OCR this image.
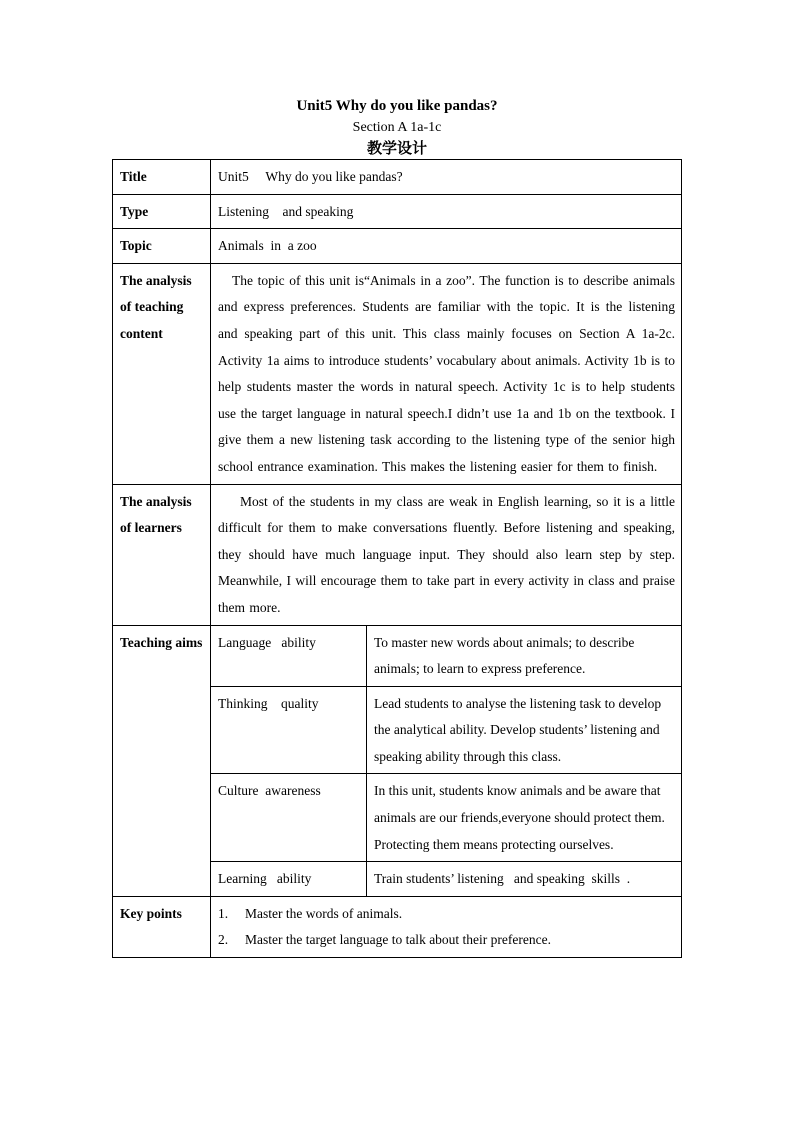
Unit5 Why do you like pandas?
Section A 1a-1c
教学设计
Title	Unit5     Why do you like pandas?	
Type	Listening    and speaking	
Topic	Animals  in  a zoo	
The analysis of teaching content	The topic of this unit is“Animals in a zoo”. The function is to describe animals and express preferences. Students are familiar with the topic. It is the listening and speaking part of this unit. This class mainly focuses on Section A 1a-2c. Activity 1a aims to introduce students’ vocabulary about animals. Activity 1b is to help students master the words in natural speech. Activity 1c is to help students use the target language in natural speech.I didn’t use 1a and 1b on the textbook. I give them a new listening task according to the listening type of the senior high school entrance examination. This makes the listening easier for them to finish.	
The analysis of learners	Most of the students in my class are weak in English learning, so it is a little difficult for them to make conversations fluently. Before listening and speaking, they should have much language input. They should also learn step by step. Meanwhile, I will encourage them to take part in every activity in class and praise them more.	
Teaching aims	Language   ability	To master new words about animals; to describe animals; to learn to express preference.
	Thinking    quality	Lead students to analyse the listening task to develop the analytical ability. Develop students’ listening and speaking ability through this class.
	Culture  awareness	In this unit, students know animals and be aware that animals are our friends,everyone should protect them. Protecting them means protecting ourselves.
	Learning   ability	Train students’ listening   and speaking  skills  .
Key points	1. Master the words of animals.
2. Master the target language to talk about their preference.	
